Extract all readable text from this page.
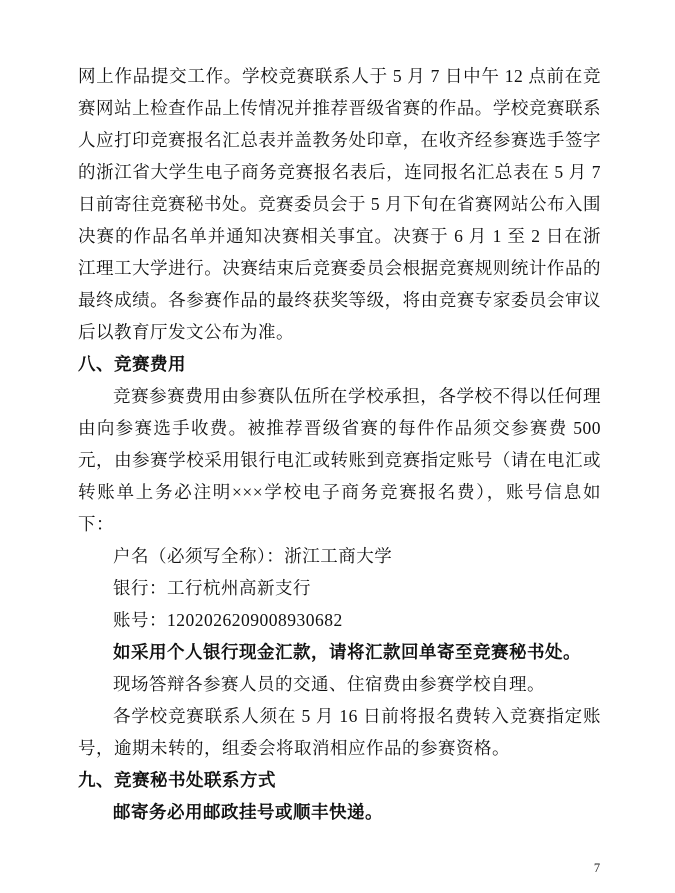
网上作品提交工作。学校竞赛联系人于 5 月 7 日中午 12 点前在竞赛网站上检查作品上传情况并推荐晋级省赛的作品。学校竞赛联系人应打印竞赛报名汇总表并盖教务处印章，在收齐经参赛选手签字的浙江省大学生电子商务竞赛报名表后，连同报名汇总表在 5 月 7 日前寄往竞赛秘书处。竞赛委员会于 5 月下旬在省赛网站公布入围决赛的作品名单并通知决赛相关事宜。决赛于 6 月 1 至 2 日在浙江理工大学进行。决赛结束后竞赛委员会根据竞赛规则统计作品的最终成绩。各参赛作品的最终获奖等级，将由竞赛专家委员会审议后以教育厅发文公布为准。

八、竞赛费用

竞赛参赛费用由参赛队伍所在学校承担，各学校不得以任何理由向参赛选手收费。被推荐晋级省赛的每件作品须交参赛费 500 元，由参赛学校采用银行电汇或转账到竞赛指定账号（请在电汇或转账单上务必注明×××学校电子商务竞赛报名费），账号信息如下：

户名（必须写全称）：浙江工商大学

银行：工行杭州高新支行

账号：1202026209008930682

如采用个人银行现金汇款，请将汇款回单寄至竞赛秘书处。

现场答辩各参赛人员的交通、住宿费由参赛学校自理。

各学校竞赛联系人须在 5 月 16 日前将报名费转入竞赛指定账号，逾期未转的，组委会将取消相应作品的参赛资格。

九、竞赛秘书处联系方式

邮寄务必用邮政挂号或顺丰快递。

7
